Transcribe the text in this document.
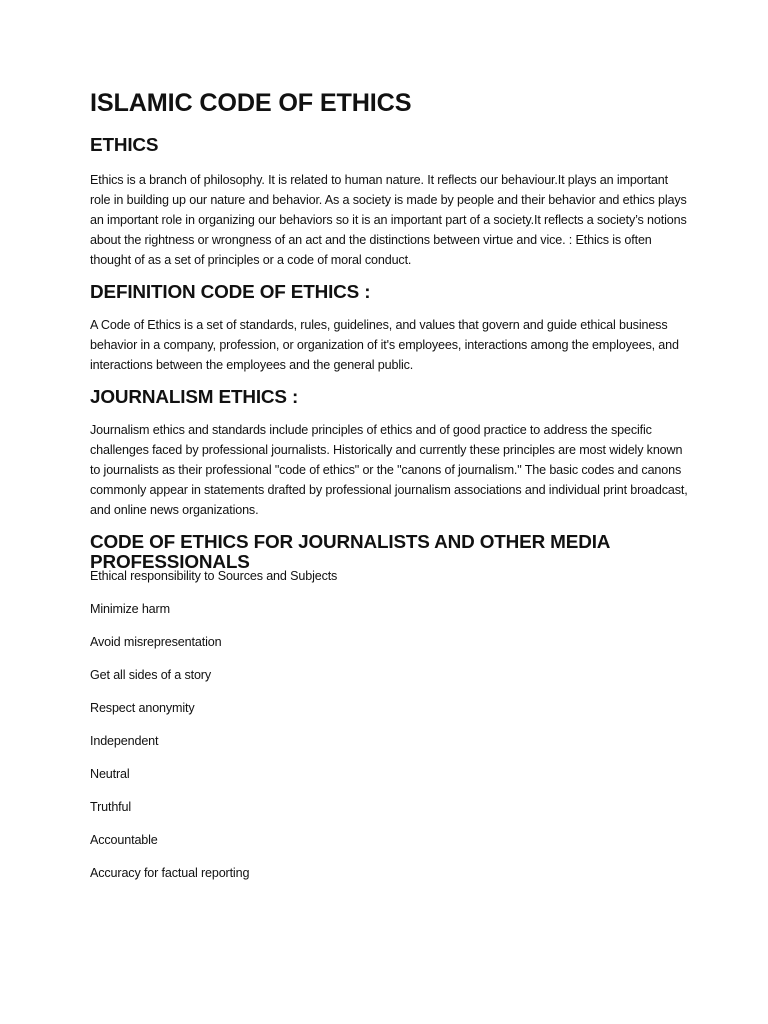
ISLAMIC CODE OF ETHICS
ETHICS

Ethics is a branch of philosophy. It is related to human nature. It reflects our behaviour.It plays an important role in building up our nature and behavior. As a society is made by people and their behavior and ethics plays an important role in organizing our behaviors so it is an important part of a society.It reflects a society’s notions about the rightness or wrongness of an act and the distinctions between virtue and vice. : Ethics is often thought of as a set of principles or a code of moral conduct.

DEFINITION CODE OF ETHICS :

A Code of Ethics is a set of standards, rules, guidelines, and values that govern and guide ethical business behavior in a company, profession, or organization of it's employees, interactions among the employees, and interactions between the employees and the general public.

JOURNALISM ETHICS :

Journalism ethics and standards include principles of ethics and of good practice to address the specific challenges faced by professional journalists. Historically and currently these principles are most widely known to journalists as their professional "code of ethics" or the "canons of journalism." The basic codes and canons commonly appear in statements drafted by professional journalism associations and individual print broadcast, and online news organizations.

CODE OF ETHICS FOR JOURNALISTS AND OTHER MEDIA PROFESSIONALS
Ethical responsibility to Sources and Subjects
Minimize harm
Avoid misrepresentation
Get all sides of a story
Respect anonymity
Independent
Neutral
Truthful
Accountable
Accuracy for factual reporting
